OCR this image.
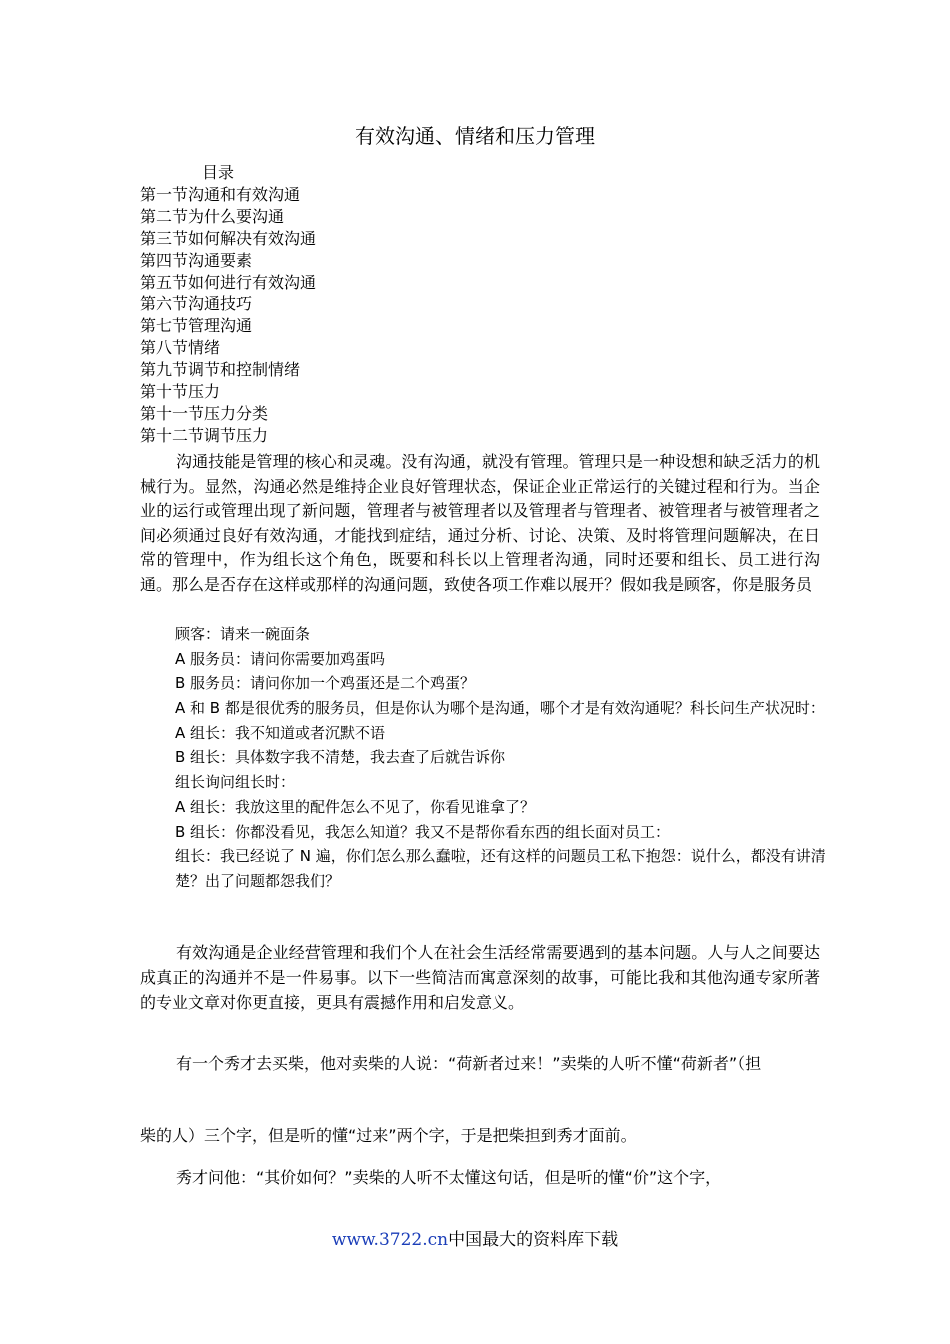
有效沟通、情绪和压力管理
目录
第一节沟通和有效沟通
第二节为什么要沟通
第三节如何解决有效沟通
第四节沟通要素
第五节如何进行有效沟通
第六节沟通技巧
第七节管理沟通
第八节情绪
第九节调节和控制情绪
第十节压力
第十一节压力分类
第十二节调节压力

沟通技能是管理的核心和灵魂。没有沟通，就没有管理。管理只是一种设想和缺乏活力的机械行为。显然，沟通必然是维持企业良好管理状态，保证企业正常运行的关键过程和行为。当企业的运行或管理出现了新问题，管理者与被管理者以及管理者与管理者、被管理者与被管理者之间必须通过良好有效沟通，才能找到症结，通过分析、讨论、决策、及时将管理问题解决，在日常的管理中，作为组长这个角色，既要和科长以上管理者沟通，同时还要和组长、员工进行沟通。那么是否存在这样或那样的沟通问题，致使各项工作难以展开？假如我是顾客，你是服务员

顾客：请来一碗面条
A 服务员：请问你需要加鸡蛋吗
B 服务员：请问你加一个鸡蛋还是二个鸡蛋？
A 和 B 都是很优秀的服务员，但是你认为哪个是沟通，哪个才是有效沟通呢？科长问生产状况时：
A 组长：我不知道或者沉默不语
B 组长：具体数字我不清楚，我去查了后就告诉你
组长询问组长时：
A 组长：我放这里的配件怎么不见了，你看见谁拿了？
B 组长：你都没看见，我怎么知道？我又不是帮你看东西的组长面对员工：
组长：我已经说了 N 遍，你们怎么那么蠢啦，还有这样的问题员工私下抱怨：说什么，都没有讲清楚？出了问题都怨我们？

有效沟通是企业经营管理和我们个人在社会生活经常需要遇到的基本问题。人与人之间要达成真正的沟通并不是一件易事。以下一些简洁而寓意深刻的故事，可能比我和其他沟通专家所著的专业文章对你更直接，更具有震撼作用和启发意义。

有一个秀才去买柴，他对卖柴的人说：“荷新者过来！”卖柴的人听不懂“荷新者”（担

柴的人）三个字，但是听的懂“过来”两个字，于是把柴担到秀才面前。

秀才问他：“其价如何？”卖柴的人听不太懂这句话，但是听的懂“价”这个字，

www.3722.cn中国最大的资料库下载
